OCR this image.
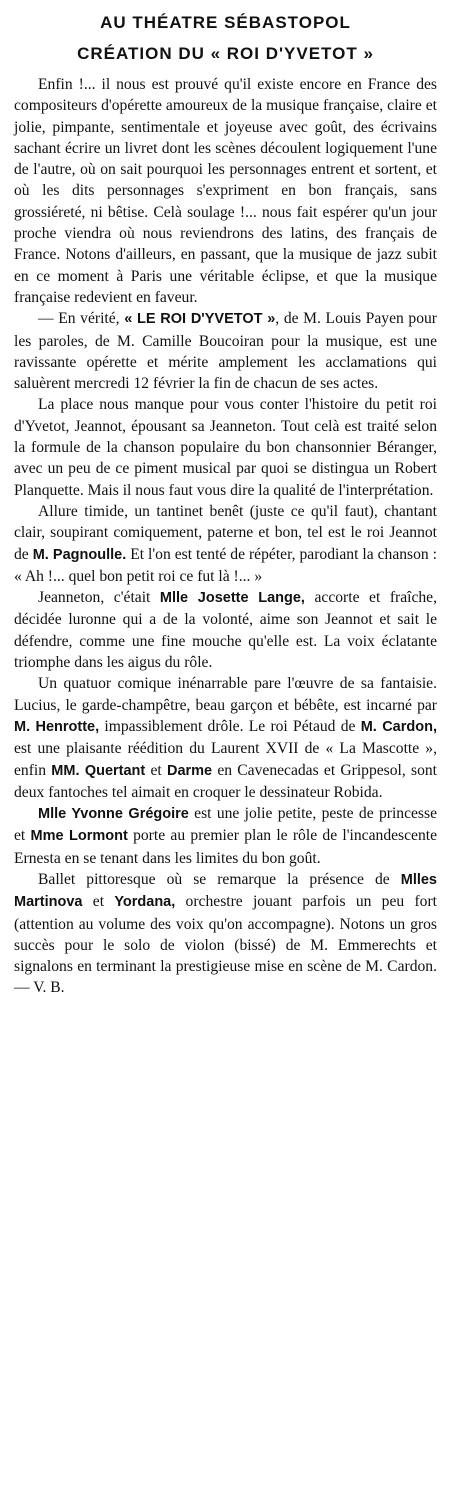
AU THÉATRE SÉBASTOPOL
CRÉATION DU « ROI D'YVETOT »

Enfin !... il nous est prouvé qu'il existe encore en France des compositeurs d'opérette amoureux de la musique française, claire et jolie, pimpante, sentimentale et joyeuse avec goût, des écrivains sachant écrire un livret dont les scènes découlent logiquement l'une de l'autre, où on sait pourquoi les personnages entrent et sortent, et où les dits personnages s'expriment en bon français, sans grossiéreté, ni bêtise. Celà soulage !... nous fait espérer qu'un jour proche viendra où nous reviendrons des latins, des français de France. Notons d'ailleurs, en passant, que la musique de jazz subit en ce moment à Paris une véritable éclipse, et que la musique française redevient en faveur.

— En vérité, « LE ROI D'YVETOT », de M. Louis Payen pour les paroles, de M. Camille Boucoiran pour la musique, est une ravissante opérette et mérite amplement les acclamations qui saluèrent mercredi 12 février la fin de chacun de ses actes.

La place nous manque pour vous conter l'histoire du petit roi d'Yvetot, Jeannot, épousant sa Jeanneton. Tout celà est traité selon la formule de la chanson populaire du bon chansonnier Béranger, avec un peu de ce piment musical par quoi se distingua un Robert Planquette. Mais il nous faut vous dire la qualité de l'interprétation.

Allure timide, un tantinet benêt (juste ce qu'il faut), chantant clair, soupirant comiquement, paterne et bon, tel est le roi Jeannot de M. Pagnoulle. Et l'on est tenté de répéter, parodiant la chanson : « Ah !... quel bon petit roi ce fut là !... »

Jeanneton, c'était Mlle Josette Lange, accorte et fraîche, décidée luronne qui a de la volonté, aime son Jeannot et sait le défendre, comme une fine mouche qu'elle est. La voix éclatante triomphe dans les aigus du rôle.

Un quatuor comique inénarrable pare l'œuvre de sa fantaisie. Lucius, le garde-champêtre, beau garçon et bébête, est incarné par M. Henrotte, impassiblement drôle. Le roi Pétaud de M. Cardon, est une plaisante réédition du Laurent XVII de « La Mascotte », enfin MM. Quertant et Darme en Cavenecadas et Grippesol, sont deux fantoches tel aimait en croquer le dessinateur Robida.

Mlle Yvonne Grégoire est une jolie petite, peste de princesse et Mme Lormont porte au premier plan le rôle de l'incandescente Ernesta en se tenant dans les limites du bon goût.

Ballet pittoresque où se remarque la présence de Mlles Martinova et Yordana, orchestre jouant parfois un peu fort (attention au volume des voix qu'on accompagne). Notons un gros succès pour le solo de violon (bissé) de M. Emmerechts et signalons en terminant la prestigieuse mise en scène de M. Cardon. — V. B.
